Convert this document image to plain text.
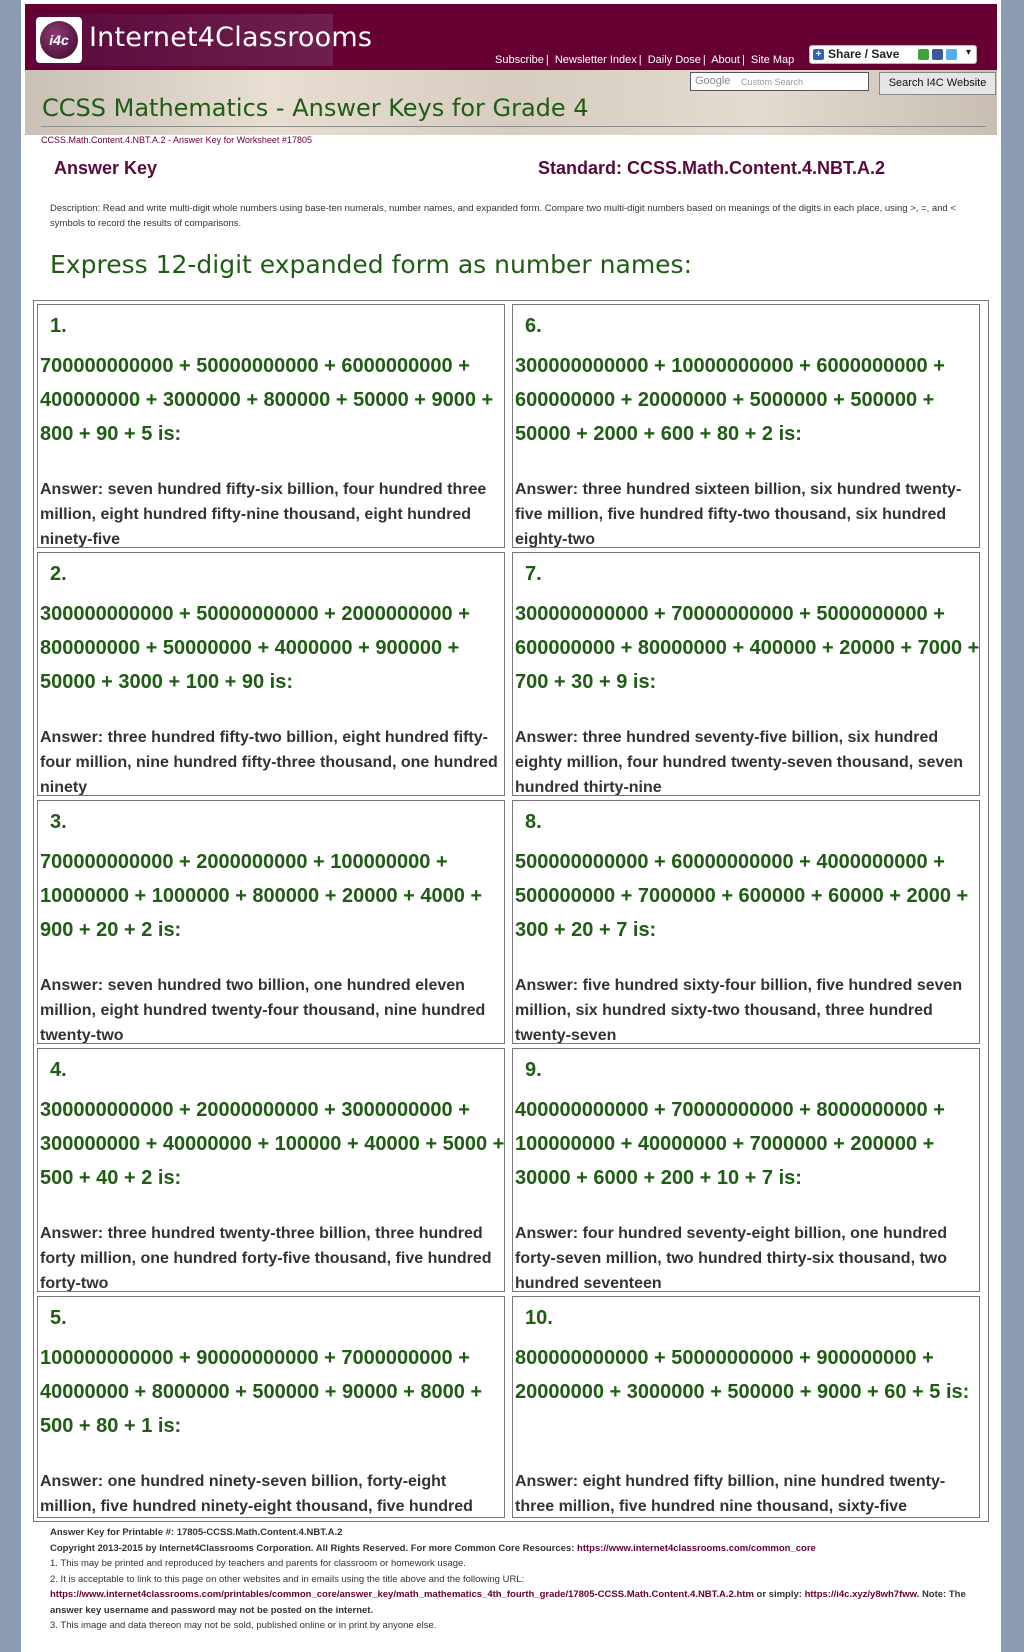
i4c Internet4Classrooms
Subscribe | Newsletter Index | Daily Dose | About | Site Map + Share / Save	▾
Google Custom Search	Search I4C Website
CCSS Mathematics - Answer Keys for Grade 4
CCSS.Math.Content.4.NBT.A.2 - Answer Key for Worksheet #17805
Answer Key	Standard: CCSS.Math.Content.4.NBT.A.2
Description: Read and write multi-digit whole numbers using base-ten numerals, number names, and expanded form. Compare two multi-digit numbers based on meanings of the digits in each place, using >, =, and < symbols to record the results of comparisons.
Express 12-digit expanded form as number names:
1.
700000000000 + 50000000000 + 6000000000 + 400000000 + 3000000 + 800000 + 50000 + 9000 + 800 + 90 + 5 is:
Answer: seven hundred fifty-six billion, four hundred three million, eight hundred fifty-nine thousand, eight hundred ninety-five
2.
300000000000 + 50000000000 + 2000000000 + 800000000 + 50000000 + 4000000 + 900000 + 50000 + 3000 + 100 + 90 is:
Answer: three hundred fifty-two billion, eight hundred fifty-four million, nine hundred fifty-three thousand, one hundred ninety
3.
700000000000 + 2000000000 + 100000000 + 10000000 + 1000000 + 800000 + 20000 + 4000 + 900 + 20 + 2 is:
Answer: seven hundred two billion, one hundred eleven million, eight hundred twenty-four thousand, nine hundred twenty-two
4.
300000000000 + 20000000000 + 3000000000 + 300000000 + 40000000 + 100000 + 40000 + 5000 + 500 + 40 + 2 is:
Answer: three hundred twenty-three billion, three hundred forty million, one hundred forty-five thousand, five hundred forty-two
5.
100000000000 + 90000000000 + 7000000000 + 40000000 + 8000000 + 500000 + 90000 + 8000 + 500 + 80 + 1 is:
Answer: one hundred ninety-seven billion, forty-eight million, five hundred ninety-eight thousand, five hundred
6.
300000000000 + 10000000000 + 6000000000 + 600000000 + 20000000 + 5000000 + 500000 + 50000 + 2000 + 600 + 80 + 2 is:
Answer: three hundred sixteen billion, six hundred twenty-five million, five hundred fifty-two thousand, six hundred eighty-two
7.
300000000000 + 70000000000 + 5000000000 + 600000000 + 80000000 + 400000 + 20000 + 7000 + 700 + 30 + 9 is:
Answer: three hundred seventy-five billion, six hundred eighty million, four hundred twenty-seven thousand, seven hundred thirty-nine
8.
500000000000 + 60000000000 + 4000000000 + 500000000 + 7000000 + 600000 + 60000 + 2000 + 300 + 20 + 7 is:
Answer: five hundred sixty-four billion, five hundred seven million, six hundred sixty-two thousand, three hundred twenty-seven
9.
400000000000 + 70000000000 + 8000000000 + 100000000 + 40000000 + 7000000 + 200000 + 30000 + 6000 + 200 + 10 + 7 is:
Answer: four hundred seventy-eight billion, one hundred forty-seven million, two hundred thirty-six thousand, two hundred seventeen
10.
800000000000 + 50000000000 + 900000000 + 20000000 + 3000000 + 500000 + 9000 + 60 + 5 is:
Answer: eight hundred fifty billion, nine hundred twenty-three million, five hundred nine thousand, sixty-five
Answer Key for Printable #: 17805-CCSS.Math.Content.4.NBT.A.2
Copyright 2013-2015 by Internet4Classrooms Corporation. All Rights Reserved. For more Common Core Resources: https://www.internet4classrooms.com/common_core
1. This may be printed and reproduced by teachers and parents for classroom or homework usage.
2. It is acceptable to link to this page on other websites and in emails using the title above and the following URL:
https://www.internet4classrooms.com/printables/common_core/answer_key/math_mathematics_4th_fourth_grade/17805-CCSS.Math.Content.4.NBT.A.2.htm or simply: https://i4c.xyz/y8wh7fww. Note: The answer key username and password may not be posted on the internet.
3. This image and data thereon may not be sold, published online or in print by anyone else.
